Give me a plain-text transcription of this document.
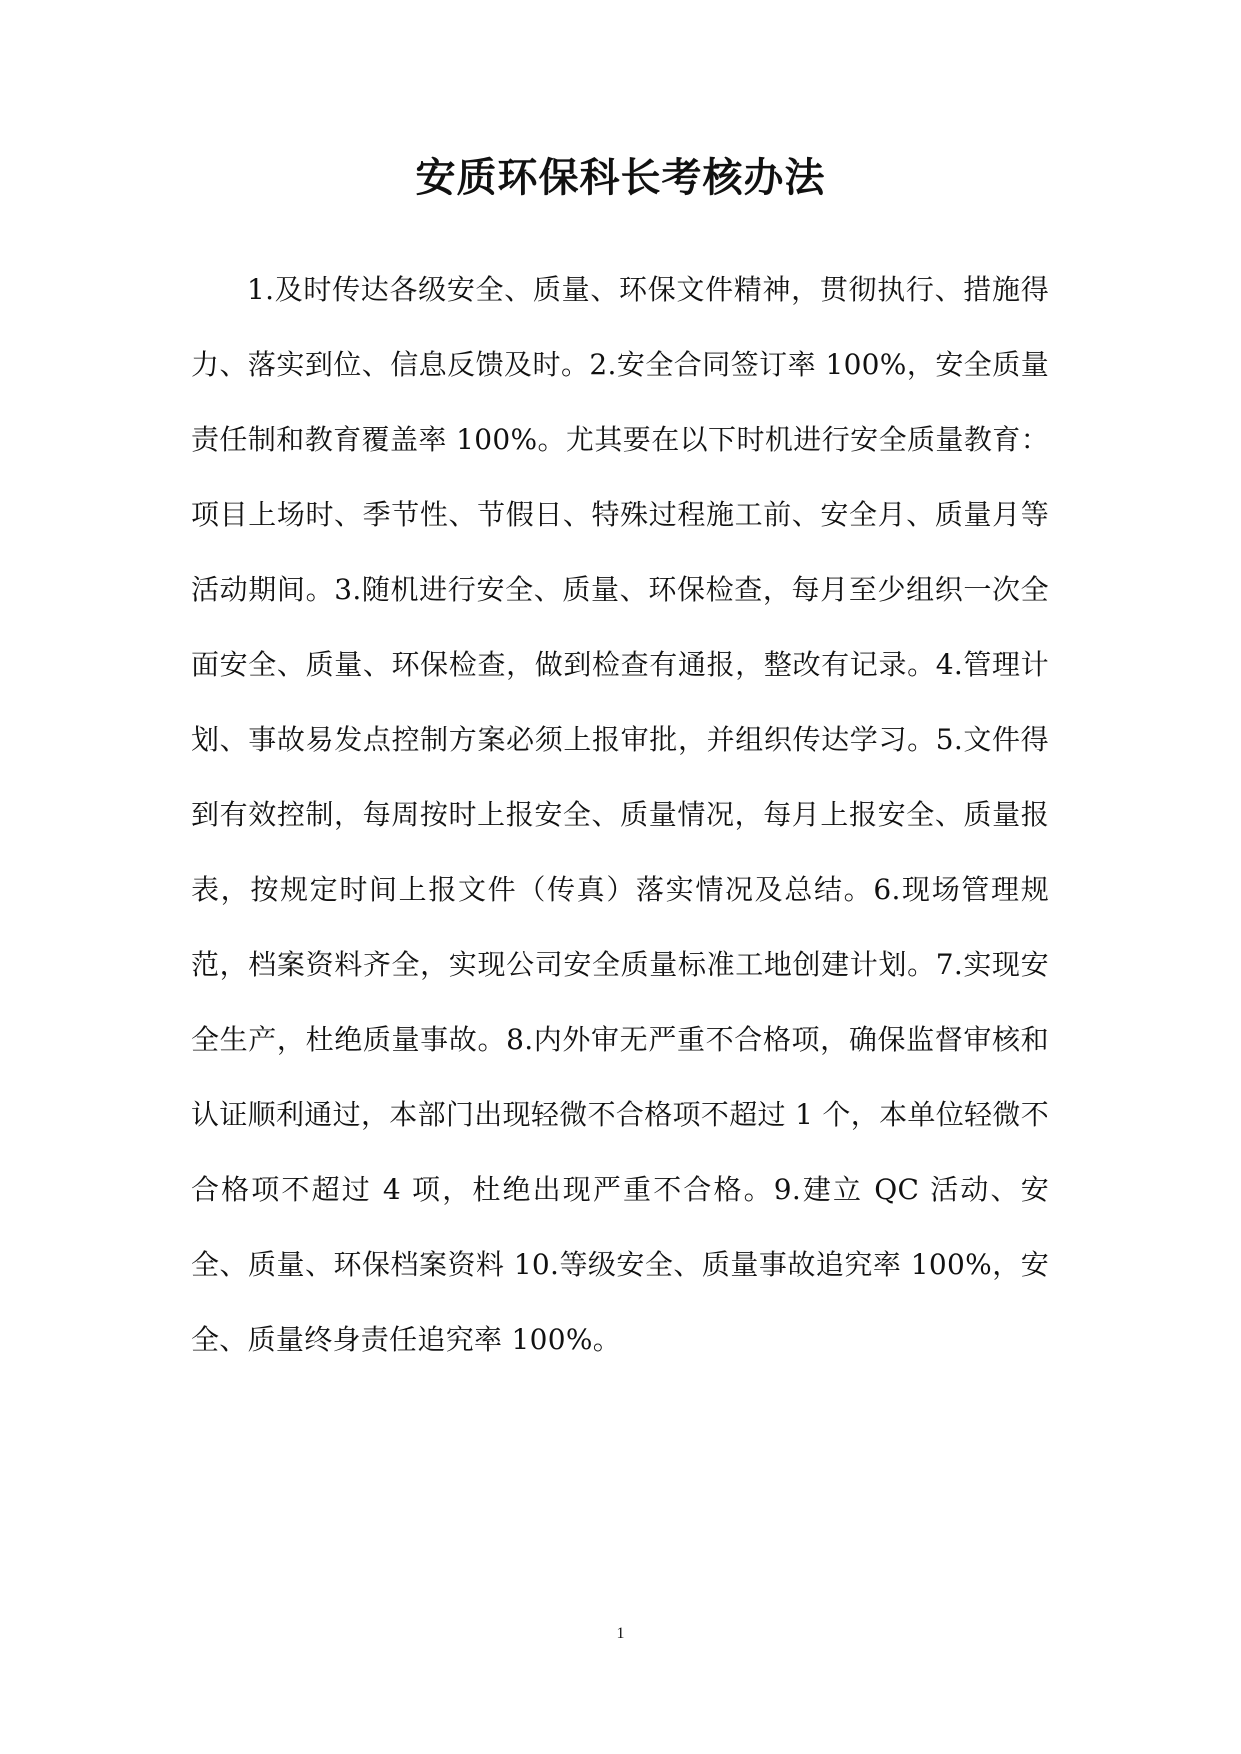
安质环保科长考核办法

1.及时传达各级安全、质量、环保文件精神，贯彻执行、措施得力、落实到位、信息反馈及时。2.安全合同签订率 100%，安全质量责任制和教育覆盖率 100%。尤其要在以下时机进行安全质量教育：项目上场时、季节性、节假日、特殊过程施工前、安全月、质量月等活动期间。3.随机进行安全、质量、环保检查，每月至少组织一次全面安全、质量、环保检查，做到检查有通报，整改有记录。4.管理计划、事故易发点控制方案必须上报审批，并组织传达学习。5.文件得到有效控制，每周按时上报安全、质量情况，每月上报安全、质量报表，按规定时间上报文件（传真）落实情况及总结。6.现场管理规范，档案资料齐全，实现公司安全质量标准工地创建计划。7.实现安全生产，杜绝质量事故。8.内外审无严重不合格项，确保监督审核和认证顺利通过，本部门出现轻微不合格项不超过 1 个，本单位轻微不合格项不超过 4 项，杜绝出现严重不合格。9.建立 QC 活动、安全、质量、环保档案资料 10.等级安全、质量事故追究率 100%，安全、质量终身责任追究率 100%。

1
